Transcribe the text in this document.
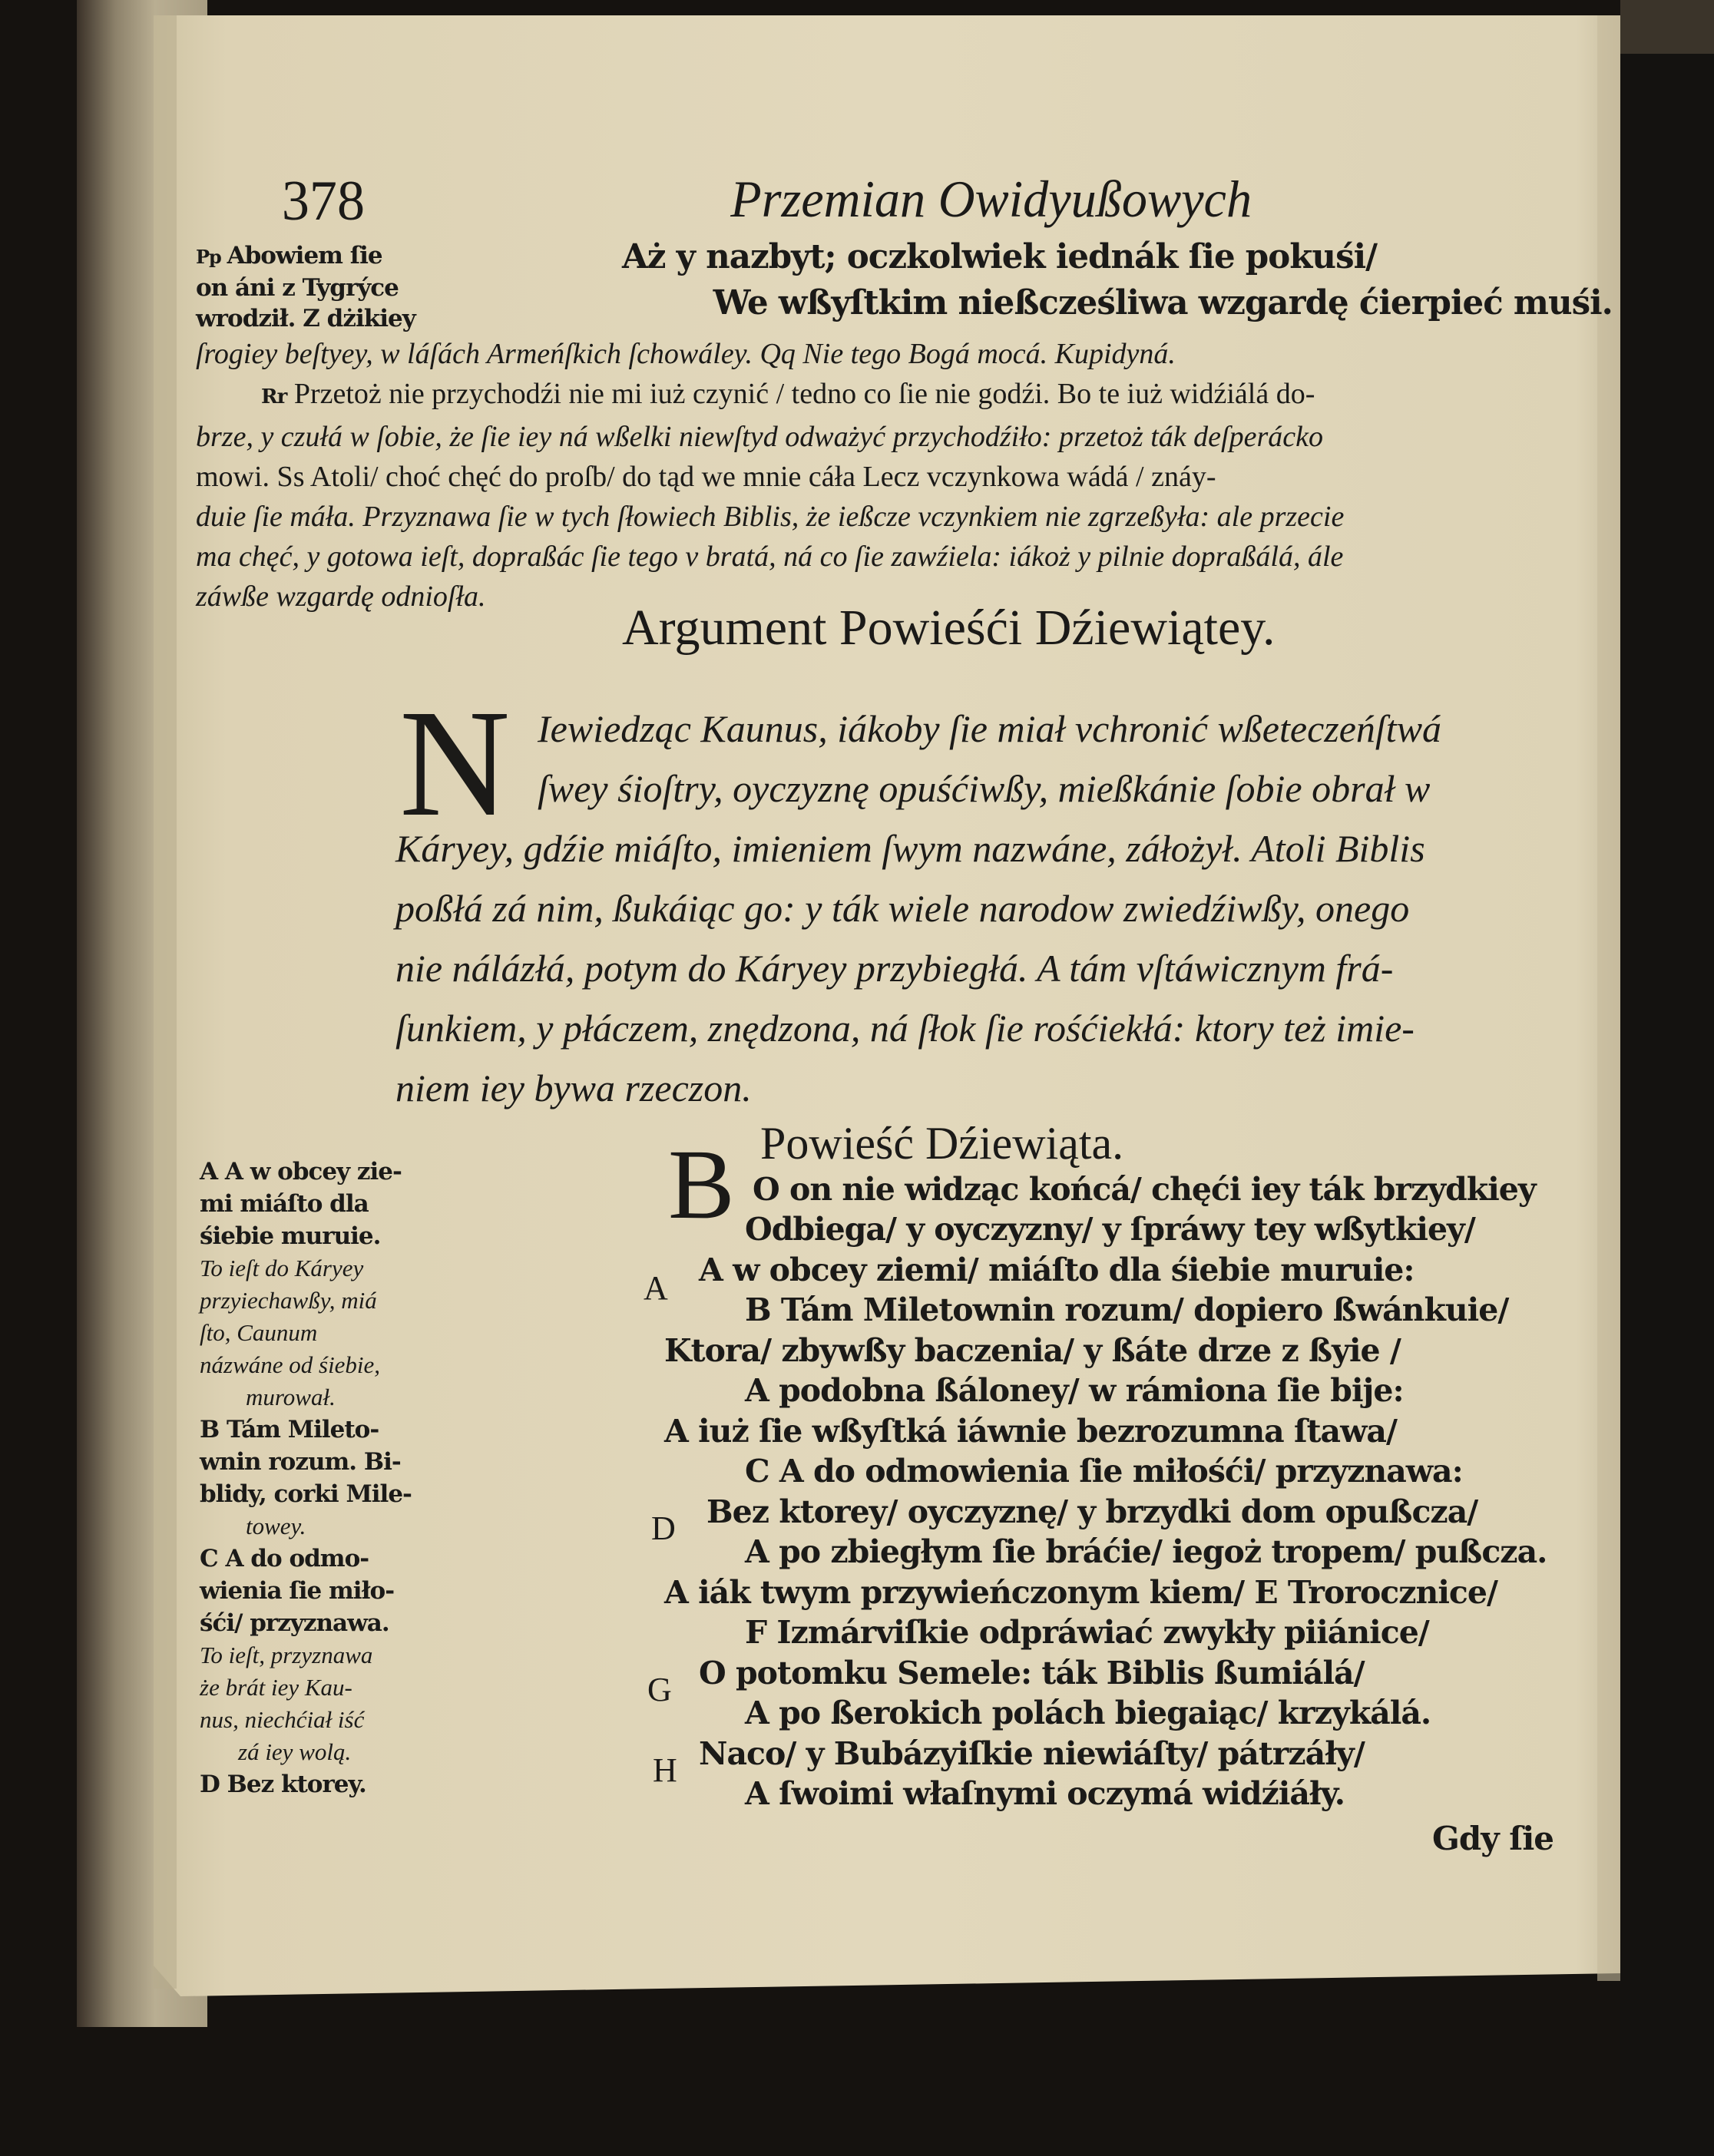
378	Przemian Owidyußowych
Pp Abowiem ſie
on áni z Tygrýce
wrodził. Z dżikiey
Aż y nazbyt; oczkolwiek iednák ſie pokuśi/
We wßyſtkim nießcześliwa wzgardę ćierpieć muśi.
ſrogiey beſtyey, w láſách Armeńſkich ſchowáley. Qq Nie tego Bogá mocá. Kupidyná.
Rr Przetoż nie przychodźi nie mi iuż czynić / tedno co ſie nie godźi. Bo te iuż widźiálá do-
brze, y czułá w ſobie, że ſie iey ná wßelki niewſtyd odważyć przychodźiło: przetoż ták deſperácko
mowi. Ss Atoli/ choć chęć do proſb/ do tąd we mnie cáła Lecz vczynkowa wádá / znáy-
duie ſie máła. Przyznawa ſie w tych ſłowiech Biblis, że ießcze vczynkiem nie zgrzeßyła: ale przecie
ma chęć, y gotowa ieſt, dopraßác ſie tego v bratá, ná co ſie zawźiela: iákoż y pilnie dopraßálá, ále
záwße wzgardę odnioſła.
Argument Powieśći Dźiewiątey.
N Iewiedząc Kaunus, iákoby ſie miał vchronić wßeteczeńſtwá
ſwey śioſtry, oyczyznę opuśćiwßy, mießkánie ſobie obrał w
Káryey, gdźie miáſto, imieniem ſwym nazwáne, záłożył. Atoli Biblis
poßłá zá nim, ßukáiąc go: y ták wiele narodow zwiedźiwßy, onego
nie nálázłá, potym do Káryey przybiegłá. A tám vſtáwicznym frá-
ſunkiem, y płáczem, znędzona, ná ſłok ſie rośćiekłá: ktory też imie-
niem iey bywa rzeczon.
Powieść Dźiewiąta.
A A w obcey zie-
mi miáſto dla
śiebie muruie.
To ieſt do Káryey
przyiechawßy, miá
ſto, Caunum
názwáne od śiebie,
murował.
B Tám Mileto-
wnin rozum. Bi-
blidy, corki Mile-
towey.
C A do odmo-
wienia ſie miło-
śći/ przyznawa.
To ieſt, przyznawa
że brát iey Kau-
nus, niechćiał iść
zá iey wolą.
D Bez ktorey.
B
A
D
G
H
O on nie widząc końcá/ chęći iey ták brzydkiey
Odbiega/ y oyczyzny/ y ſpráwy tey wßytkiey/
A w obcey ziemi/ miáſto dla śiebie muruie:
B Tám Miletownin rozum/ dopiero ßwánkuie/
Ktora/ zbywßy baczenia/ y ßáte drze z ßyie /
A podobna ßáloney/ w rámiona ſie bije:
A iuż ſie wßyſtká iáwnie bezrozumna ſtawa/
C A do odmowienia ſie miłośći/ przyznawa:
Bez ktorey/ oyczyznę/ y brzydki dom opußcza/
A po zbiegłym ſie bráćie/ iegoż tropem/ pußcza.
A iák twym przywieńczonym kiem/ E Trorocznice/
F Izmárviſkie odpráwiać zwykły piiánice/
O potomku Semele: ták Biblis ßumiálá/
A po ßerokich polách biegaiąc/ krzykálá.
Naco/ y Bubázyiſkie niewiáſty/ pátrzáły/
A ſwoimi właſnymi oczymá widźiáły.
Gdy ſie
